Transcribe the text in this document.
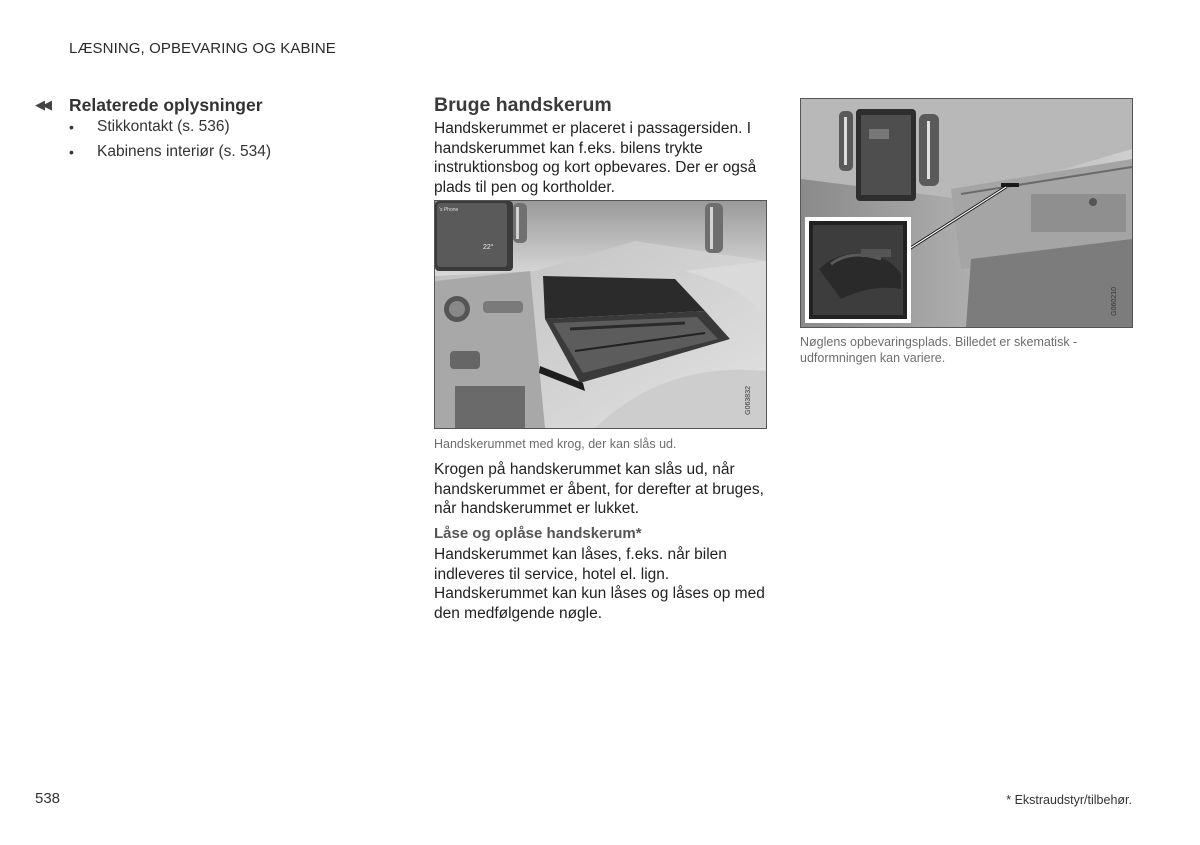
LÆSNING, OPBEVARING OG KABINE
◀◀ Relaterede oplysninger
• Stikkontakt (s. 536)
• Kabinens interiør (s. 534)
Bruge handskerum
Handskerummet er placeret i passagersiden. I handskerummet kan f.eks. bilens trykte instruktionsbog og kort opbevares. Der er også plads til pen og kortholder.
's Phone
22°
G063832
Handskerummet med krog, der kan slås ud.
Krogen på handskerummet kan slås ud, når handskerummet er åbent, for derefter at bruges, når handskerummet er lukket.
Låse og oplåse handskerum*
Handskerummet kan låses, f.eks. når bilen indleveres til service, hotel el. lign. Handskerummet kan kun låses og låses op med den medfølgende nøgle.
G060210
Nøglens opbevaringsplads. Billedet er skematisk - udformningen kan variere.
538	* Ekstraudstyr/tilbehør.
